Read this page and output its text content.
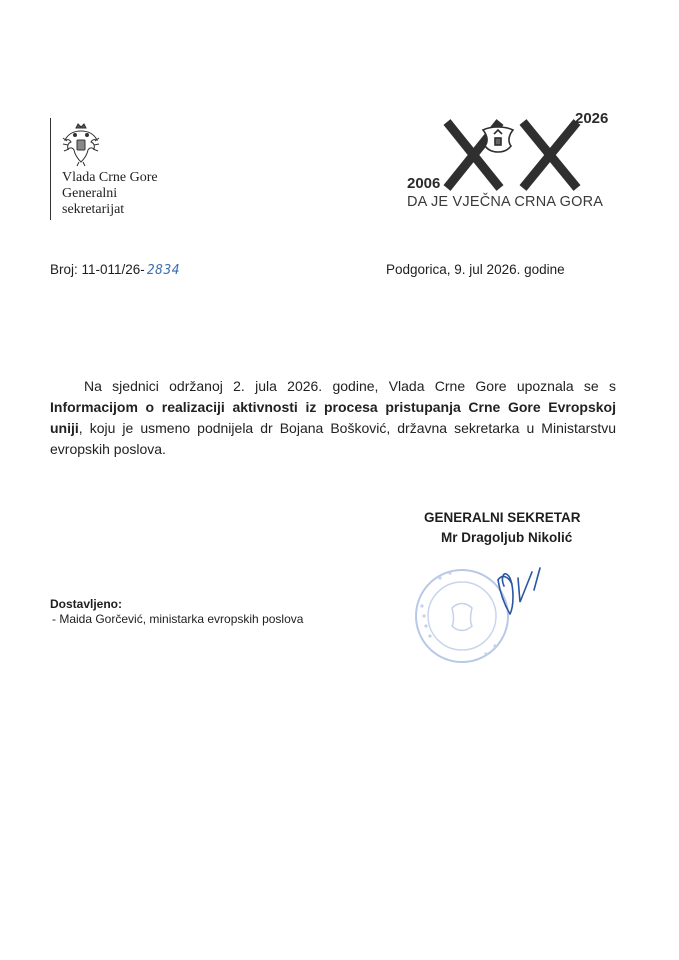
Vlada Crne Gore
Generalni
sekretarijat
2026
2006
DA JE VJEČNA CRNA GORA
Broj: 11-011/26- 2834	Podgorica, 9. jul 2026. godine
Na sjednici održanoj 2. jula 2026. godine, Vlada Crne Gore upoznala se s Informacijom o realizaciji aktivnosti iz procesa pristupanja Crne Gore Evropskoj uniji, koju je usmeno podnijela dr Bojana Bošković, državna sekretarka u Ministarstvu evropskih poslova.
GENERALNI SEKRETAR
Mr Dragoljub Nikolić
Dostavljeno:
- Maida Gorčević, ministarka evropskih poslova
